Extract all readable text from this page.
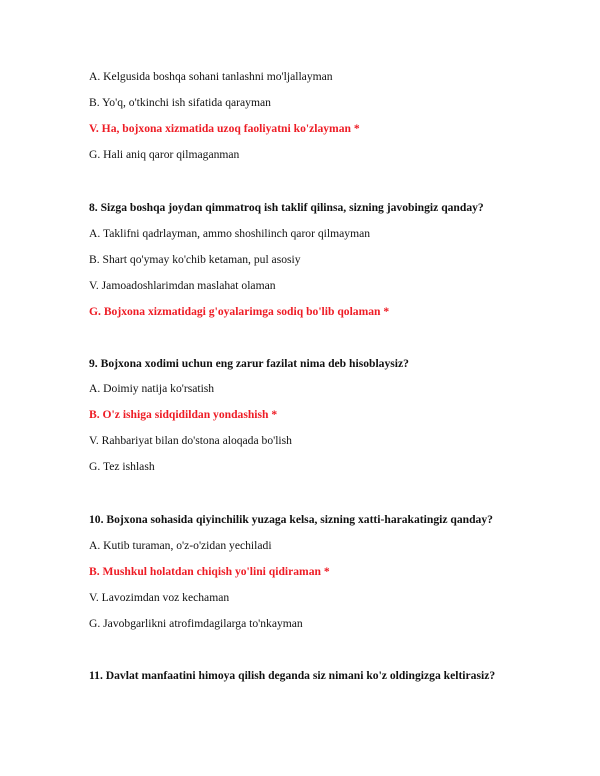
A. Kelgusida boshqa sohani tanlashni mo'ljallayman
B. Yo'q, o'tkinchi ish sifatida qarayman
V. Ha, bojxona xizmatida uzoq faoliyatni ko'zlayman *
G. Hali aniq qaror qilmaganman
8. Sizga boshqa joydan qimmatroq ish taklif qilinsa, sizning javobingiz qanday?
A. Taklifni qadrlayman, ammo shoshilinch qaror qilmayman
B. Shart qo'ymay ko'chib ketaman, pul asosiy
V. Jamoadoshlarimdan maslahat olaman
G. Bojxona xizmatidagi g'oyalarimga sodiq bo'lib qolaman *
9. Bojxona xodimi uchun eng zarur fazilat nima deb hisoblaysiz?
A. Doimiy natija ko'rsatish
B. O'z ishiga sidqidildan yondashish *
V. Rahbariyat bilan do'stona aloqada bo'lish
G. Tez ishlash
10. Bojxona sohasida qiyinchilik yuzaga kelsa, sizning xatti-harakatingiz qanday?
A. Kutib turaman, o'z-o'zidan yechiladi
B. Mushkul holatdan chiqish yo'lini qidiraman *
V. Lavozimdan voz kechaman
G. Javobgarlikni atrofimdagilarga to'nkayman
11. Davlat manfaatini himoya qilish deganda siz nimani ko'z oldingizga keltirasiz?
